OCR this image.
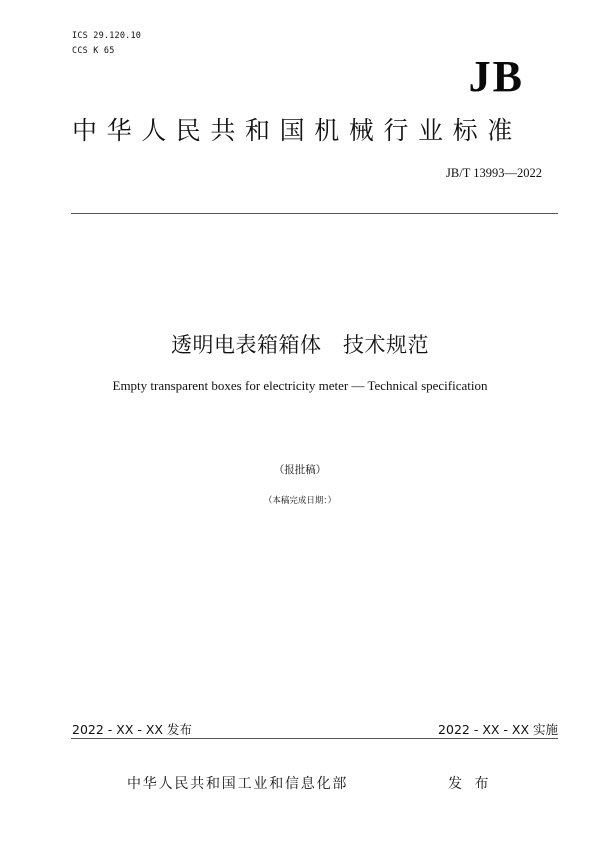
ICS 29.120.10
CCS K 65
JB
中华人民共和国机械行业标准
JB/T 13993—2022
透明电表箱箱体   技术规范
Empty transparent boxes for electricity meter — Technical specification
（报批稿）
（本稿完成日期：）
2022 - XX - XX 发布	2022 - XX - XX 实施
中华人民共和国工业和信息化部	发 布
